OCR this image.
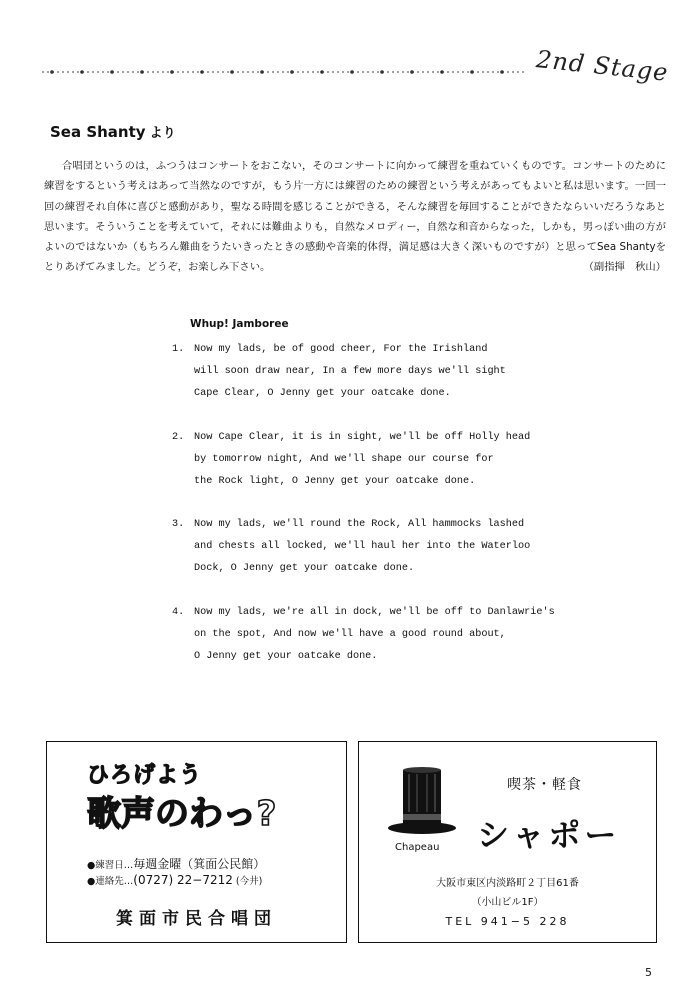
2nd Stage
Sea Shanty より

合唱団というのは，ふつうはコンサートをおこない，そのコンサートに向かって練習を重ねていくものです。コンサートのために練習をするという考えはあって当然なのですが，もう片一方には練習のための練習という考えがあってもよいと私は思います。一回一回の練習それ自体に喜びと感動があり，聖なる時間を感じることができる，そんな練習を毎回することができたならいいだろうなあと思います。そういうことを考えていて，それには難曲よりも，自然なメロディー，自然な和音からなった，しかも，男っぽい曲の方がよいのではないか（もちろん難曲をうたいきったときの感動や音楽的体得，満足感は大きく深いものですが）と思ってSea Shantyをとりあげてみました。どうぞ，お楽しみ下さい。	（副指揮　秋山）

Whup! Jamboree
1. Now my lads, be of good cheer, For the Irishland
will soon draw near, In a few more days we'll sight
Cape Clear, O Jenny get your oatcake done.
2. Now Cape Clear, it is in sight, we'll be off Holly head
by tomorrow night, And we'll shape our course for
the Rock light, O Jenny get your oatcake done.
3. Now my lads, we'll round the Rock, All hammocks lashed
and chests all locked, we'll haul her into the Waterloo
Dock, O Jenny get your oatcake done.
4. Now my lads, we're all in dock, we'll be off to Danlawrie's
on the spot, And now we'll have a good round about,
O Jenny get your oatcake done.
ひろげよう
歌声のわっ?
●練習日…毎週金曜（箕面公民館）
●連絡先…(0727) 22−7212 (今井)
箕面市民合唱団
Chapeau
喫茶・軽食
シャポー
大阪市東区内淡路町２丁目61番
（小山ビル1F）
TEL 941−5 228
5
